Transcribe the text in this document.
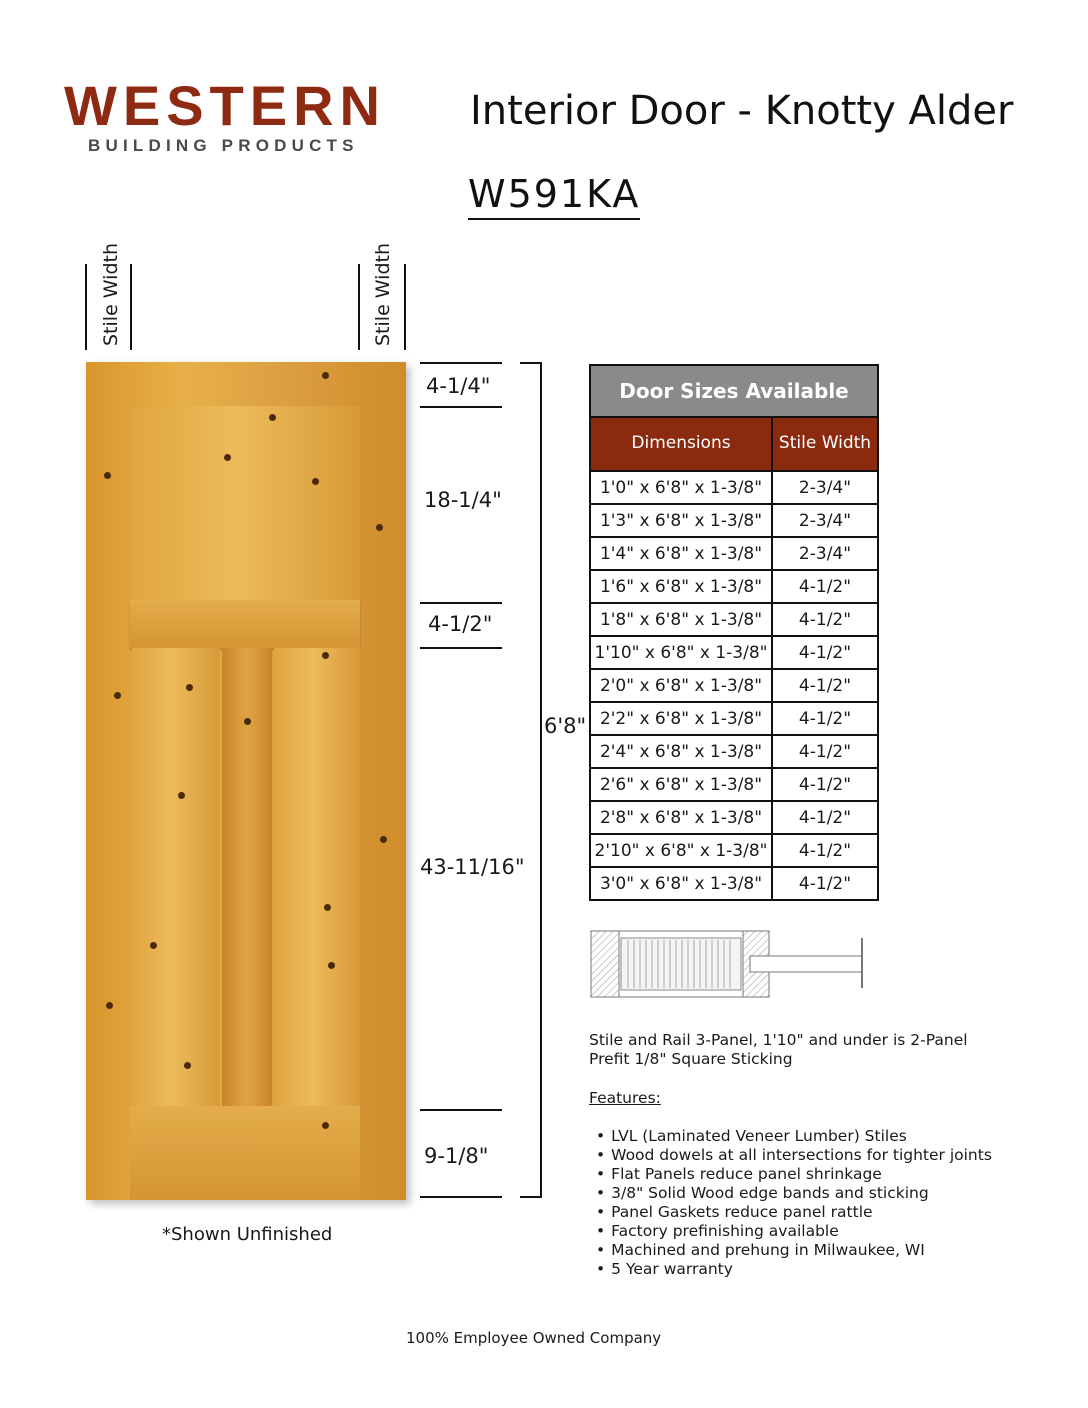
WESTERN
BUILDING PRODUCTS
Interior Door - Knotty Alder
W591KA
Stile Width	Stile Width
4-1/4"
18-1/4"
4-1/2"
43-11/16"
9-1/8"
6'8"
*Shown Unfinished
Door Sizes Available	
Dimensions	Stile Width
1'0" x 6'8" x 1-3/8"	2-3/4"
1'3" x 6'8" x 1-3/8"	2-3/4"
1'4" x 6'8" x 1-3/8"	2-3/4"
1'6" x 6'8" x 1-3/8"	4-1/2"
1'8" x 6'8" x 1-3/8"	4-1/2"
1'10" x 6'8" x 1-3/8"	4-1/2"
2'0" x 6'8" x 1-3/8"	4-1/2"
2'2" x 6'8" x 1-3/8"	4-1/2"
2'4" x 6'8" x 1-3/8"	4-1/2"
2'6" x 6'8" x 1-3/8"	4-1/2"
2'8" x 6'8" x 1-3/8"	4-1/2"
2'10" x 6'8" x 1-3/8"	4-1/2"
3'0" x 6'8" x 1-3/8"	4-1/2"
Stile and Rail 3-Panel, 1'10" and under is 2-Panel
Prefit 1/8" Square Sticking
Features:
• LVL (Laminated Veneer Lumber) Stiles
• Wood dowels at all intersections for tighter joints
• Flat Panels reduce panel shrinkage
• 3/8" Solid Wood edge bands and sticking
• Panel Gaskets reduce panel rattle
• Factory prefinishing available
• Machined and prehung in Milwaukee, WI
• 5 Year warranty
100% Employee Owned Company
